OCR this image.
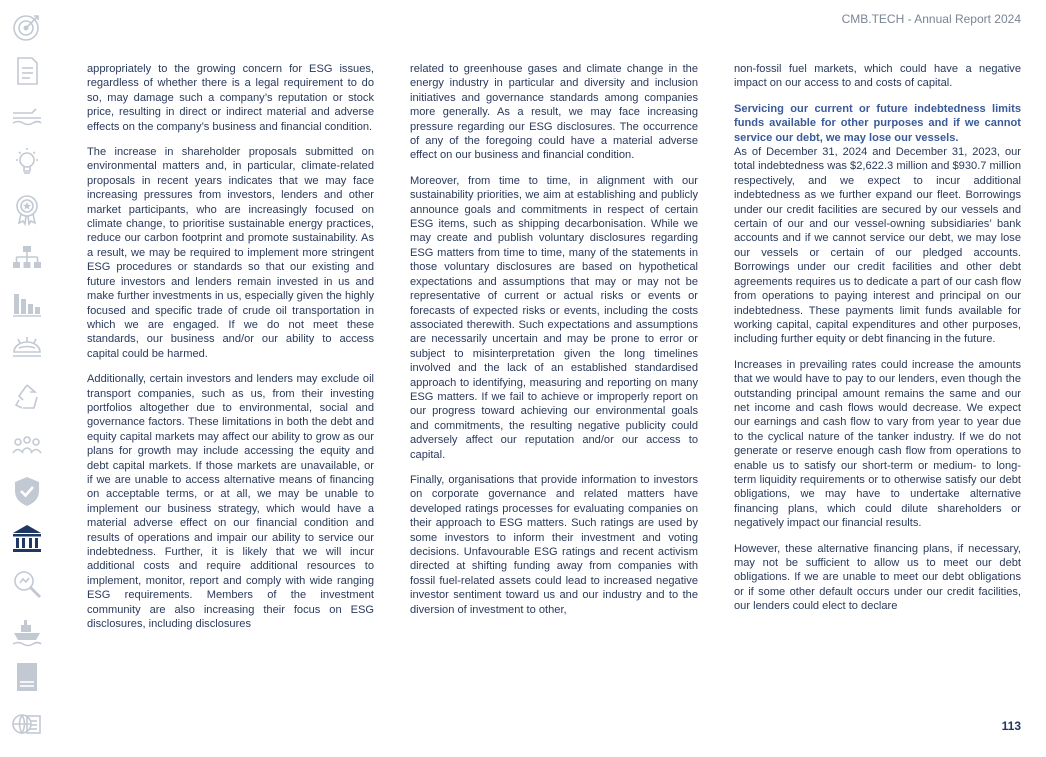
A-Z
CMB.TECH - Annual Report 2024

appropriately to the growing concern for ESG issues, regardless of whether there is a legal requirement to do so, may damage such a company’s reputation or stock price, resulting in direct or indirect material and adverse effects on the company’s business and financial condition.

The increase in shareholder proposals submitted on environmental matters and, in particular, climate-related proposals in recent years indicates that we may face increasing pressures from investors, lenders and other market participants, who are increasingly focused on climate change, to prioritise sustainable energy practices, reduce our carbon footprint and promote sustainability. As a result, we may be required to implement more stringent ESG procedures or standards so that our existing and future investors and lenders remain invested in us and make further investments in us, especially given the highly focused and specific trade of crude oil transportation in which we are engaged. If we do not meet these standards, our business and/or our ability to access capital could be harmed.

Additionally, certain investors and lenders may exclude oil transport companies, such as us, from their investing portfolios altogether due to environmental, social and governance factors. These limitations in both the debt and equity capital markets may affect our ability to grow as our plans for growth may include accessing the equity and debt capital markets. If those markets are unavailable, or if we are unable to access alternative means of financing on acceptable terms, or at all, we may be unable to implement our business strategy, which would have a material adverse effect on our financial condition and results of operations and impair our ability to service our indebtedness. Further, it is likely that we will incur additional costs and require additional resources to implement, monitor, report and comply with wide ranging ESG requirements. Members of the investment community are also increasing their focus on ESG disclosures, including disclosures

related to greenhouse gases and climate change in the energy industry in particular and diversity and inclusion initiatives and governance standards among companies more generally. As a result, we may face increasing pressure regarding our ESG disclosures. The occurrence of any of the foregoing could have a material adverse effect on our business and financial condition.

Moreover, from time to time, in alignment with our sustainability priorities, we aim at establishing and publicly announce goals and commitments in respect of certain ESG items, such as shipping decarbonisation. While we may create and publish voluntary disclosures regarding ESG matters from time to time, many of the statements in those voluntary disclosures are based on hypothetical expectations and assumptions that may or may not be representative of current or actual risks or events or forecasts of expected risks or events, including the costs associated therewith. Such expectations and assumptions are necessarily uncertain and may be prone to error or subject to misinterpretation given the long timelines involved and the lack of an established standardised approach to identifying, measuring and reporting on many ESG matters. If we fail to achieve or improperly report on our progress toward achieving our environmental goals and commitments, the resulting negative publicity could adversely affect our reputation and/or our access to capital.

Finally, organisations that provide information to investors on corporate governance and related matters have developed ratings processes for evaluating companies on their approach to ESG matters. Such ratings are used by some investors to inform their investment and voting decisions. Unfavourable ESG ratings and recent activism directed at shifting funding away from companies with fossil fuel-related assets could lead to increased negative investor sentiment toward us and our industry and to the diversion of investment to other,

non-fossil fuel markets, which could have a negative impact on our access to and costs of capital.

Servicing our current or future indebtedness limits funds available for other purposes and if we cannot service our debt, we may lose our vessels.

As of December 31, 2024 and December 31, 2023, our total indebtedness was $2,622.3 million and $930.7 million respectively, and we expect to incur additional indebtedness as we further expand our fleet. Borrowings under our credit facilities are secured by our vessels and certain of our and our vessel-owning subsidiaries’ bank accounts and if we cannot service our debt, we may lose our vessels or certain of our pledged accounts. Borrowings under our credit facilities and other debt agreements requires us to dedicate a part of our cash flow from operations to paying interest and principal on our indebtedness. These payments limit funds available for working capital, capital expenditures and other purposes, including further equity or debt financing in the future.

Increases in prevailing rates could increase the amounts that we would have to pay to our lenders, even though the outstanding principal amount remains the same and our net income and cash flows would decrease. We expect our earnings and cash flow to vary from year to year due to the cyclical nature of the tanker industry. If we do not generate or reserve enough cash flow from operations to enable us to satisfy our short-term or medium- to long-term liquidity requirements or to otherwise satisfy our debt obligations, we may have to undertake alternative financing plans, which could dilute shareholders or negatively impact our financial results.

However, these alternative financing plans, if necessary, may not be sufficient to allow us to meet our debt obligations. If we are unable to meet our debt obligations or if some other default occurs under our credit facilities, our lenders could elect to declare

113
